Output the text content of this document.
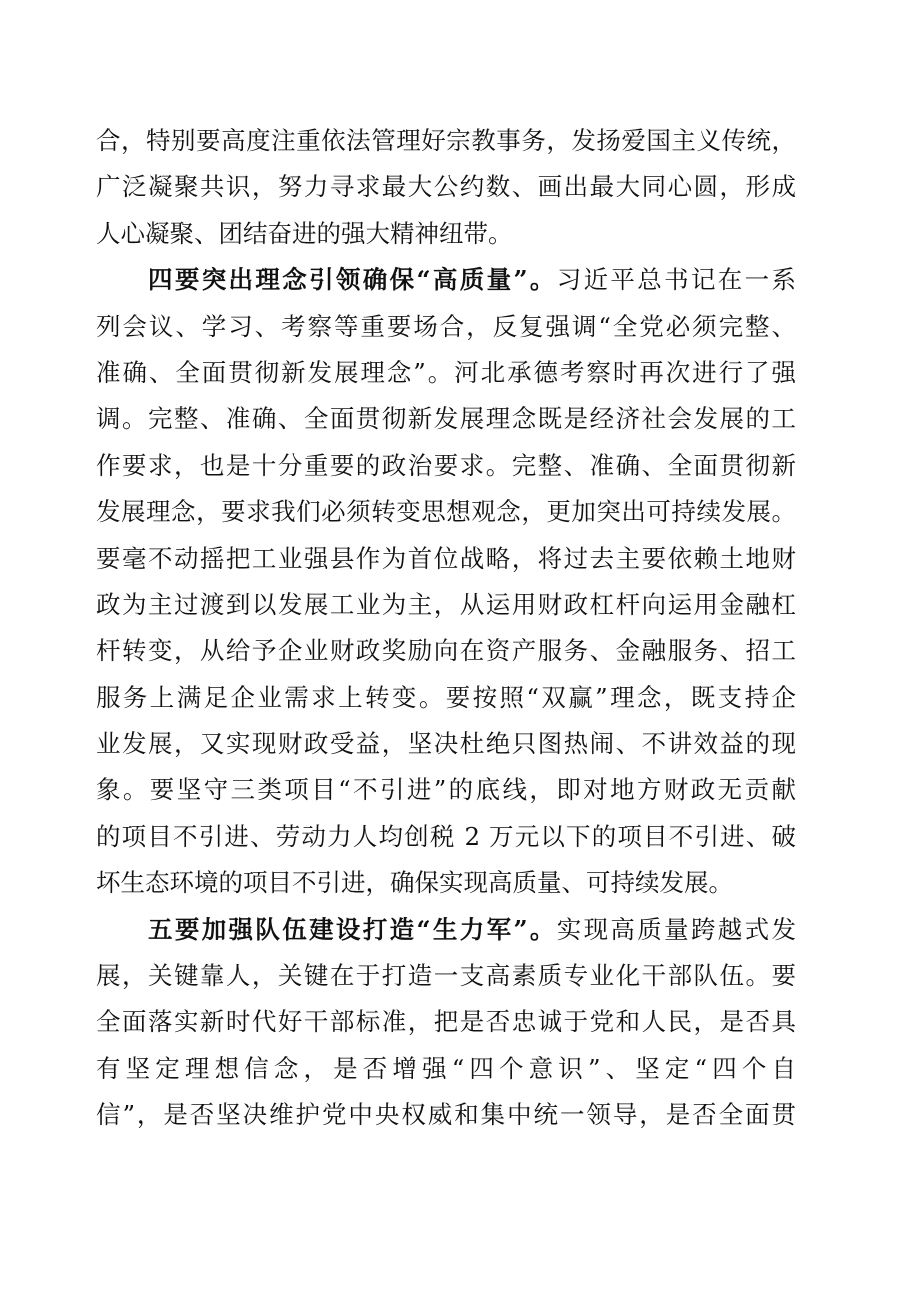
合，特别要高度注重依法管理好宗教事务，发扬爱国主义传统，
广泛凝聚共识，努力寻求最大公约数、画出最大同心圆，形成
人心凝聚、团结奋进的强大精神纽带。
四要突出理念引领确保“高质量”。习近平总书记在一系
列会议、学习、考察等重要场合，反复强调“全党必须完整、
准确、全面贯彻新发展理念”。河北承德考察时再次进行了强
调。完整、准确、全面贯彻新发展理念既是经济社会发展的工
作要求，也是十分重要的政治要求。完整、准确、全面贯彻新
发展理念，要求我们必须转变思想观念，更加突出可持续发展。
要毫不动摇把工业强县作为首位战略，将过去主要依赖土地财
政为主过渡到以发展工业为主，从运用财政杠杆向运用金融杠
杆转变，从给予企业财政奖励向在资产服务、金融服务、招工
服务上满足企业需求上转变。要按照“双赢”理念，既支持企
业发展，又实现财政受益，坚决杜绝只图热闹、不讲效益的现
象。要坚守三类项目“不引进”的底线，即对地方财政无贡献
的项目不引进、劳动力人均创税 2 万元以下的项目不引进、破
坏生态环境的项目不引进，确保实现高质量、可持续发展。
五要加强队伍建设打造“生力军”。实现高质量跨越式发
展，关键靠人，关键在于打造一支高素质专业化干部队伍。要
全面落实新时代好干部标准，把是否忠诚于党和人民，是否具
有坚定理想信念，是否增强“四个意识”、坚定“四个自
信”，是否坚决维护党中央权威和集中统一领导，是否全面贯
